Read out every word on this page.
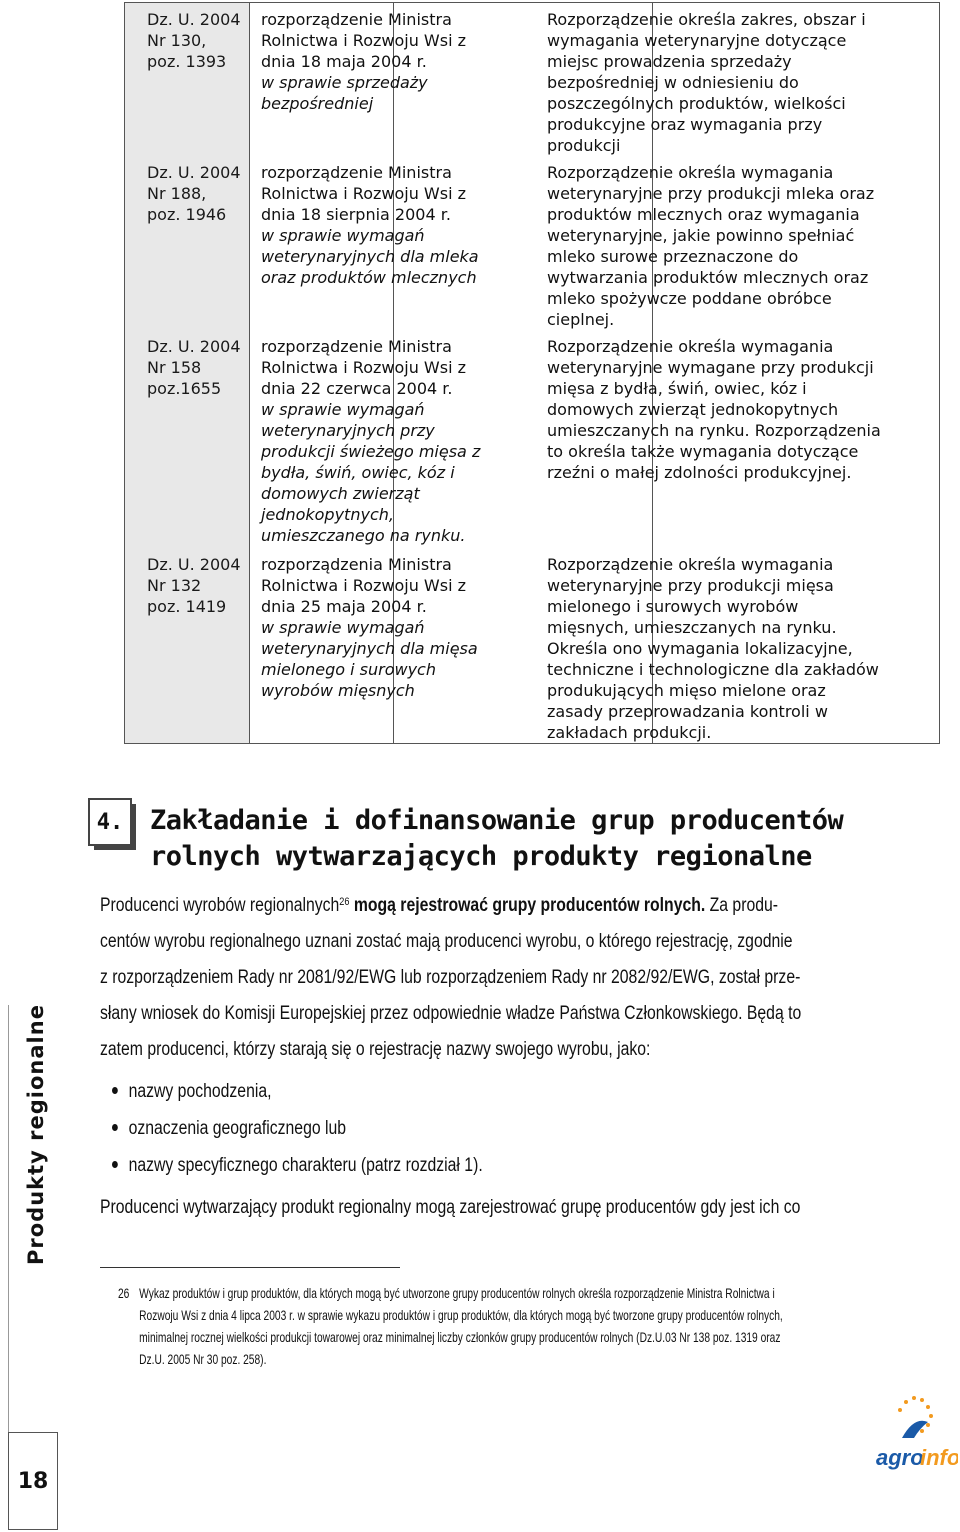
Dz. U. 2004
Nr 130,
poz. 1393
rozporządzenie Ministra
Rolnictwa i Rozwoju Wsi z
dnia 18 maja 2004 r.
w sprawie sprzedaży
bezpośredniej
Rozporządzenie określa zakres, obszar i
wymagania weterynaryjne dotyczące
miejsc prowadzenia sprzedaży
bezpośredniej w odniesieniu do
poszczególnych produktów, wielkości
produkcyjne oraz wymagania przy
produkcji
Dz. U. 2004
Nr 188,
poz. 1946
rozporządzenie Ministra
Rolnictwa i Rozwoju Wsi z
dnia 18 sierpnia 2004 r.
w sprawie wymagań
weterynaryjnych dla mleka
oraz produktów mlecznych
Rozporządzenie określa wymagania
weterynaryjne przy produkcji mleka oraz
produktów mlecznych oraz wymagania
weterynaryjne, jakie powinno spełniać
mleko surowe przeznaczone do
wytwarzania produktów mlecznych oraz
mleko spożywcze poddane obróbce
cieplnej.
Dz. U. 2004
Nr 158
poz.1655
rozporządzenie Ministra
Rolnictwa i Rozwoju Wsi z
dnia 22 czerwca 2004 r.
w sprawie wymagań
weterynaryjnych przy
produkcji świeżego mięsa z
bydła, świń, owiec, kóz i
domowych zwierząt
jednokopytnych,
umieszczanego na rynku.
Rozporządzenie określa wymagania
weterynaryjne wymagane przy produkcji
mięsa z bydła, świń, owiec, kóz i
domowych zwierząt jednokopytnych
umieszczanych na rynku. Rozporządzenia
to określa także wymagania dotyczące
rzeźni o małej zdolności produkcyjnej.
Dz. U. 2004
Nr 132
poz. 1419
rozporządzenia Ministra
Rolnictwa i Rozwoju Wsi z
dnia 25 maja 2004 r.
w sprawie wymagań
weterynaryjnych dla mięsa
mielonego i surowych
wyrobów mięsnych
Rozporządzenie określa wymagania
weterynaryjne przy produkcji mięsa
mielonego i surowych wyrobów
mięsnych, umieszczanych na rynku.
Określa ono wymagania lokalizacyjne,
techniczne i technologiczne dla zakładów
produkujących mięso mielone oraz
zasady przeprowadzania kontroli w
zakładach produkcji.
4. Zakładanie i dofinansowanie grup producentów
rolnych wytwarzających produkty regionalne
Producenci wyrobów regionalnych$^{26}$ mogą rejestrować grupy producentów rolnych. Za produ-
centów wyrobu regionalnego uznani zostać mają producenci wyrobu, o którego rejestrację, zgodnie
z rozporządzeniem Rady nr 2081/92/EWG lub rozporządzeniem Rady nr 2082/92/EWG, został prze-
słany wniosek do Komisji Europejskiej przez odpowiednie władze Państwa Członkowskiego. Będą to
zatem producenci, którzy starają się o rejestrację nazwy swojego wyrobu, jako:
nazwy pochodzenia,
oznaczenia geograficznego lub
nazwy specyficznego charakteru (patrz rozdział 1).
Producenci wytwarzający produkt regionalny mogą zarejestrować grupę producentów gdy jest ich co
26 Wykaz produktów i grup produktów, dla których mogą być utworzone grupy producentów rolnych określa rozporządzenie Ministra Rolnictwa i
Rozwoju Wsi z dnia 4 lipca 2003 r. w sprawie wykazu produktów i grup produktów, dla których mogą być tworzone grupy producentów rolnych,
minimalnej rocznej wielkości produkcji towarowej oraz minimalnej liczby członków grupy producentów rolnych (Dz.U.03 Nr 138 poz. 1319 oraz
Dz.U. 2005 Nr 30 poz. 258).
Produkty regionalne
18
agro
info
